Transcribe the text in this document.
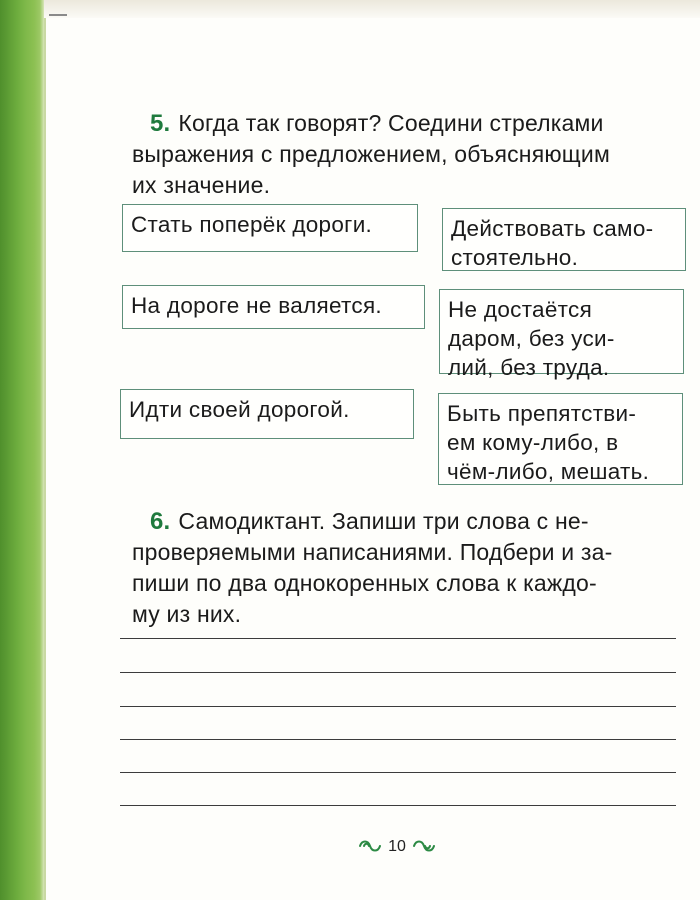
5. Когда так говорят? Соедини стрелками

выражения с предложением, объясняющим

их значение.

Стать поперёк дороги.
На дороге не валяется.
Идти своей дорогой.
Действовать само-
стоятельно.
Не достаётся
даром, без уси-
лий, без труда.
Быть препятстви-
ем кому-либо, в
чём-либо, мешать.

6. Самодиктант. Запиши три слова с не-

проверяемыми написаниями. Подбери и за-

пиши по два однокоренных слова к каждо-

му из них.

10
